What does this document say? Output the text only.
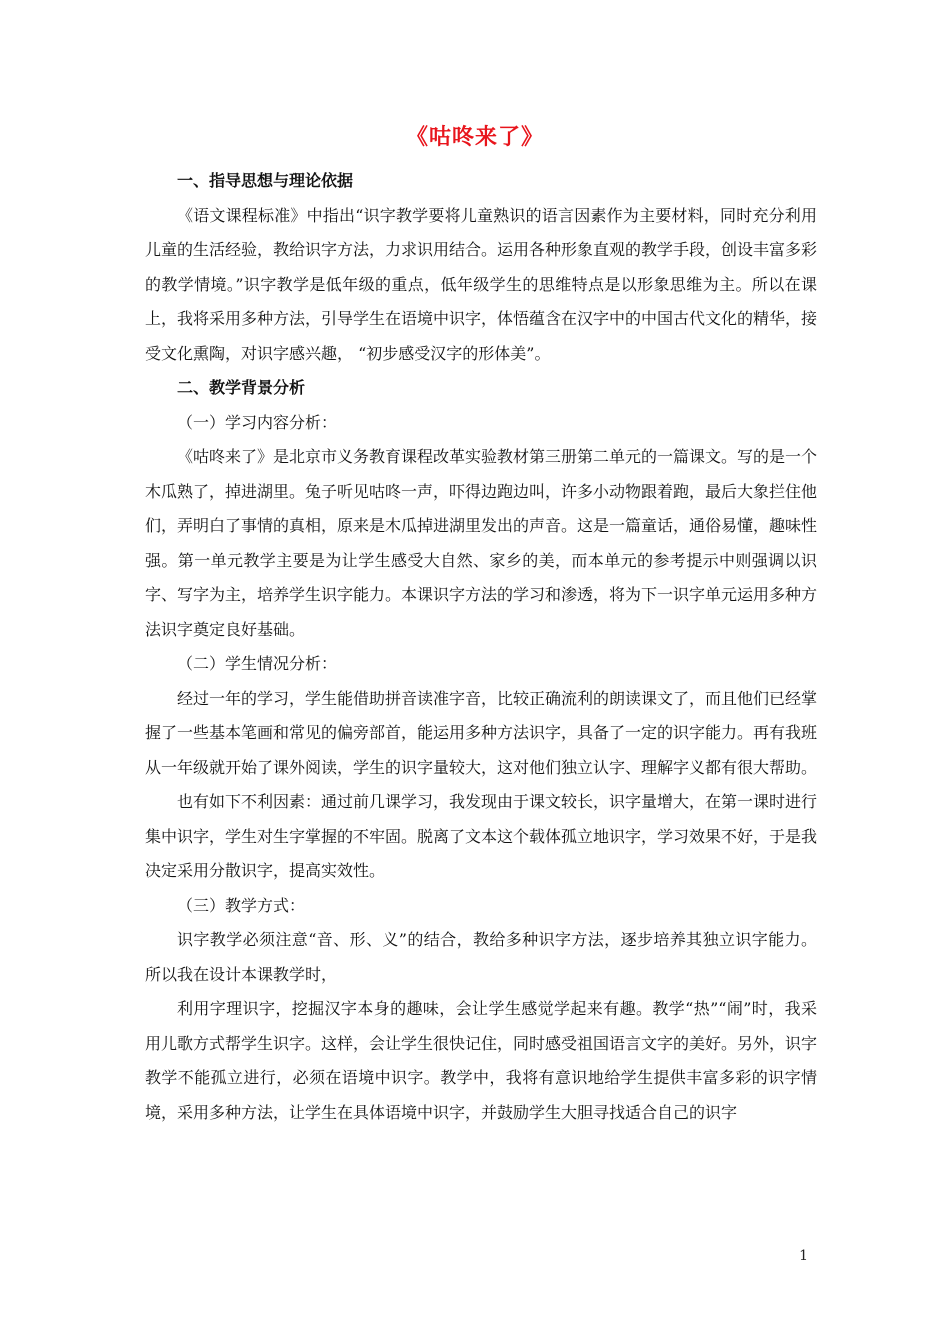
《咕咚来了》

一、指导思想与理论依据

《语文课程标准》中指出“识字教学要将儿童熟识的语言因素作为主要材料，同时充分利用儿童的生活经验，教给识字方法，力求识用结合。运用各种形象直观的教学手段，创设丰富多彩的教学情境。”识字教学是低年级的重点，低年级学生的思维特点是以形象思维为主。所以在课上，我将采用多种方法，引导学生在语境中识字，体悟蕴含在汉字中的中国古代文化的精华，接受文化熏陶，对识字感兴趣， “初步感受汉字的形体美”。

二、教学背景分析

（一）学习内容分析：

《咕咚来了》是北京市义务教育课程改革实验教材第三册第二单元的一篇课文。写的是一个木瓜熟了，掉进湖里。兔子听见咕咚一声，吓得边跑边叫，许多小动物跟着跑，最后大象拦住他们，弄明白了事情的真相，原来是木瓜掉进湖里发出的声音。这是一篇童话，通俗易懂，趣味性强。第一单元教学主要是为让学生感受大自然、家乡的美，而本单元的参考提示中则强调以识字、写字为主，培养学生识字能力。本课识字方法的学习和渗透，将为下一识字单元运用多种方法识字奠定良好基础。

（二）学生情况分析：

经过一年的学习，学生能借助拼音读准字音，比较正确流利的朗读课文了，而且他们已经掌握了一些基本笔画和常见的偏旁部首，能运用多种方法识字，具备了一定的识字能力。再有我班从一年级就开始了课外阅读，学生的识字量较大，这对他们独立认字、理解字义都有很大帮助。

也有如下不利因素：通过前几课学习，我发现由于课文较长，识字量增大，在第一课时进行集中识字，学生对生字掌握的不牢固。脱离了文本这个载体孤立地识字，学习效果不好，于是我决定采用分散识字，提高实效性。

（三）教学方式：

识字教学必须注意“音、形、义”的结合，教给多种识字方法，逐步培养其独立识字能力。所以我在设计本课教学时，

利用字理识字，挖掘汉字本身的趣味，会让学生感觉学起来有趣。教学“热”“闹”时，我采用儿歌方式帮学生识字。这样，会让学生很快记住，同时感受祖国语言文字的美好。另外，识字教学不能孤立进行，必须在语境中识字。教学中，我将有意识地给学生提供丰富多彩的识字情境，采用多种方法，让学生在具体语境中识字，并鼓励学生大胆寻找适合自己的识字

1
